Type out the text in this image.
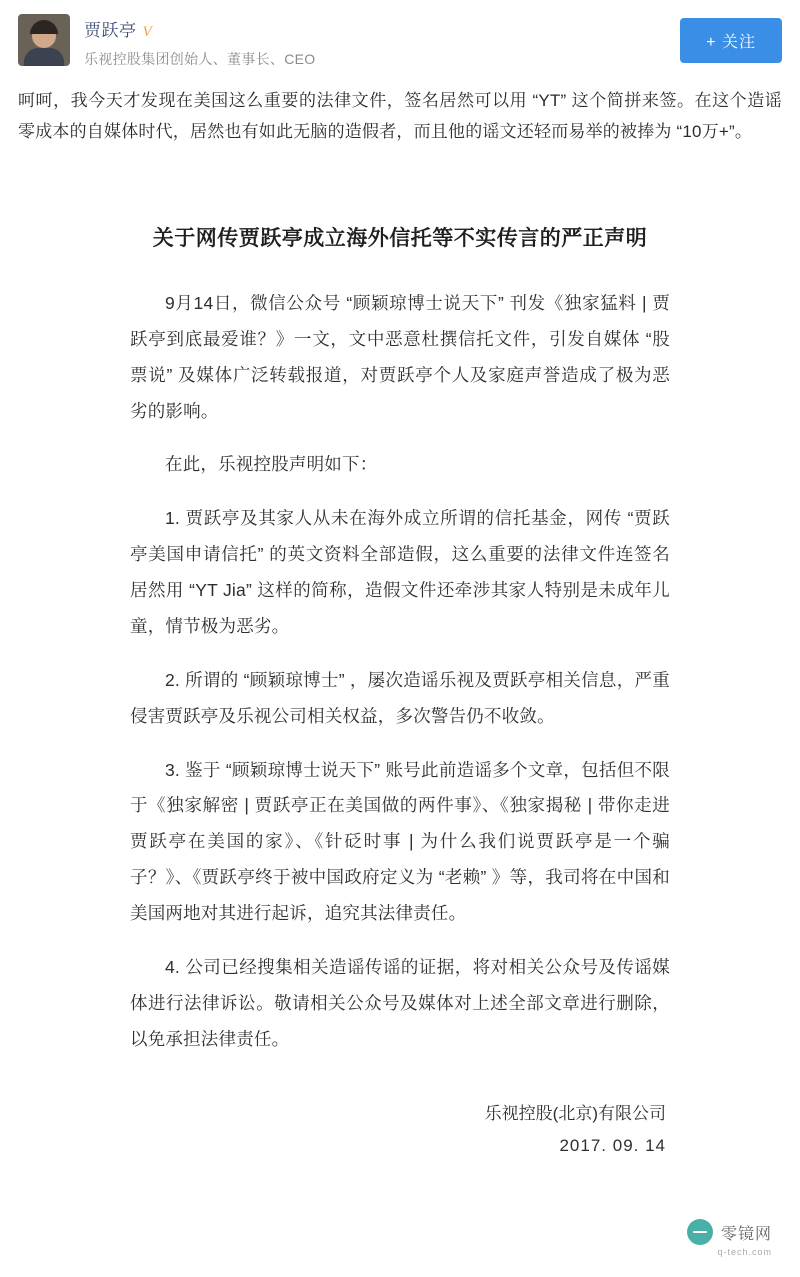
贾跃亭 V
乐视控股集团创始人、董事长、CEO
+ 关注
呵呵，我今天才发现在美国这么重要的法律文件，签名居然可以用 “YT” 这个简拼来签。在这个造谣零成本的自媒体时代，居然也有如此无脑的造假者，而且他的谣文还轻而易举的被捧为 “10万+”。
关于网传贾跃亭成立海外信托等不实传言的严正声明

9月14日，微信公众号 “顾颖琼博士说天下” 刊发《独家猛料 | 贾跃亭到底最爱谁？》一文，文中恶意杜撰信托文件，引发自媒体 “股票说” 及媒体广泛转载报道，对贾跃亭个人及家庭声誉造成了极为恶劣的影响。

在此，乐视控股声明如下：

1. 贾跃亭及其家人从未在海外成立所谓的信托基金，网传 “贾跃亭美国申请信托” 的英文资料全部造假，这么重要的法律文件连签名居然用 “YT Jia” 这样的简称，造假文件还牵涉其家人特别是未成年儿童，情节极为恶劣。

2. 所谓的 “顾颖琼博士” ，屡次造谣乐视及贾跃亭相关信息，严重侵害贾跃亭及乐视公司相关权益，多次警告仍不收敛。

3. 鉴于 “顾颖琼博士说天下” 账号此前造谣多个文章，包括但不限于《独家解密 | 贾跃亭正在美国做的两件事》、《独家揭秘 | 带你走进贾跃亭在美国的家》、《针砭时事 | 为什么我们说贾跃亭是一个骗子？》、《贾跃亭终于被中国政府定义为 “老赖” 》等，我司将在中国和美国两地对其进行起诉，追究其法律责任。

4. 公司已经搜集相关造谣传谣的证据，将对相关公众号及传谣媒体进行法律诉讼。敬请相关公众号及媒体对上述全部文章进行删除，以免承担法律责任。

乐视控股(北京)有限公司
2017. 09. 14
零镜网
q-tech.com
